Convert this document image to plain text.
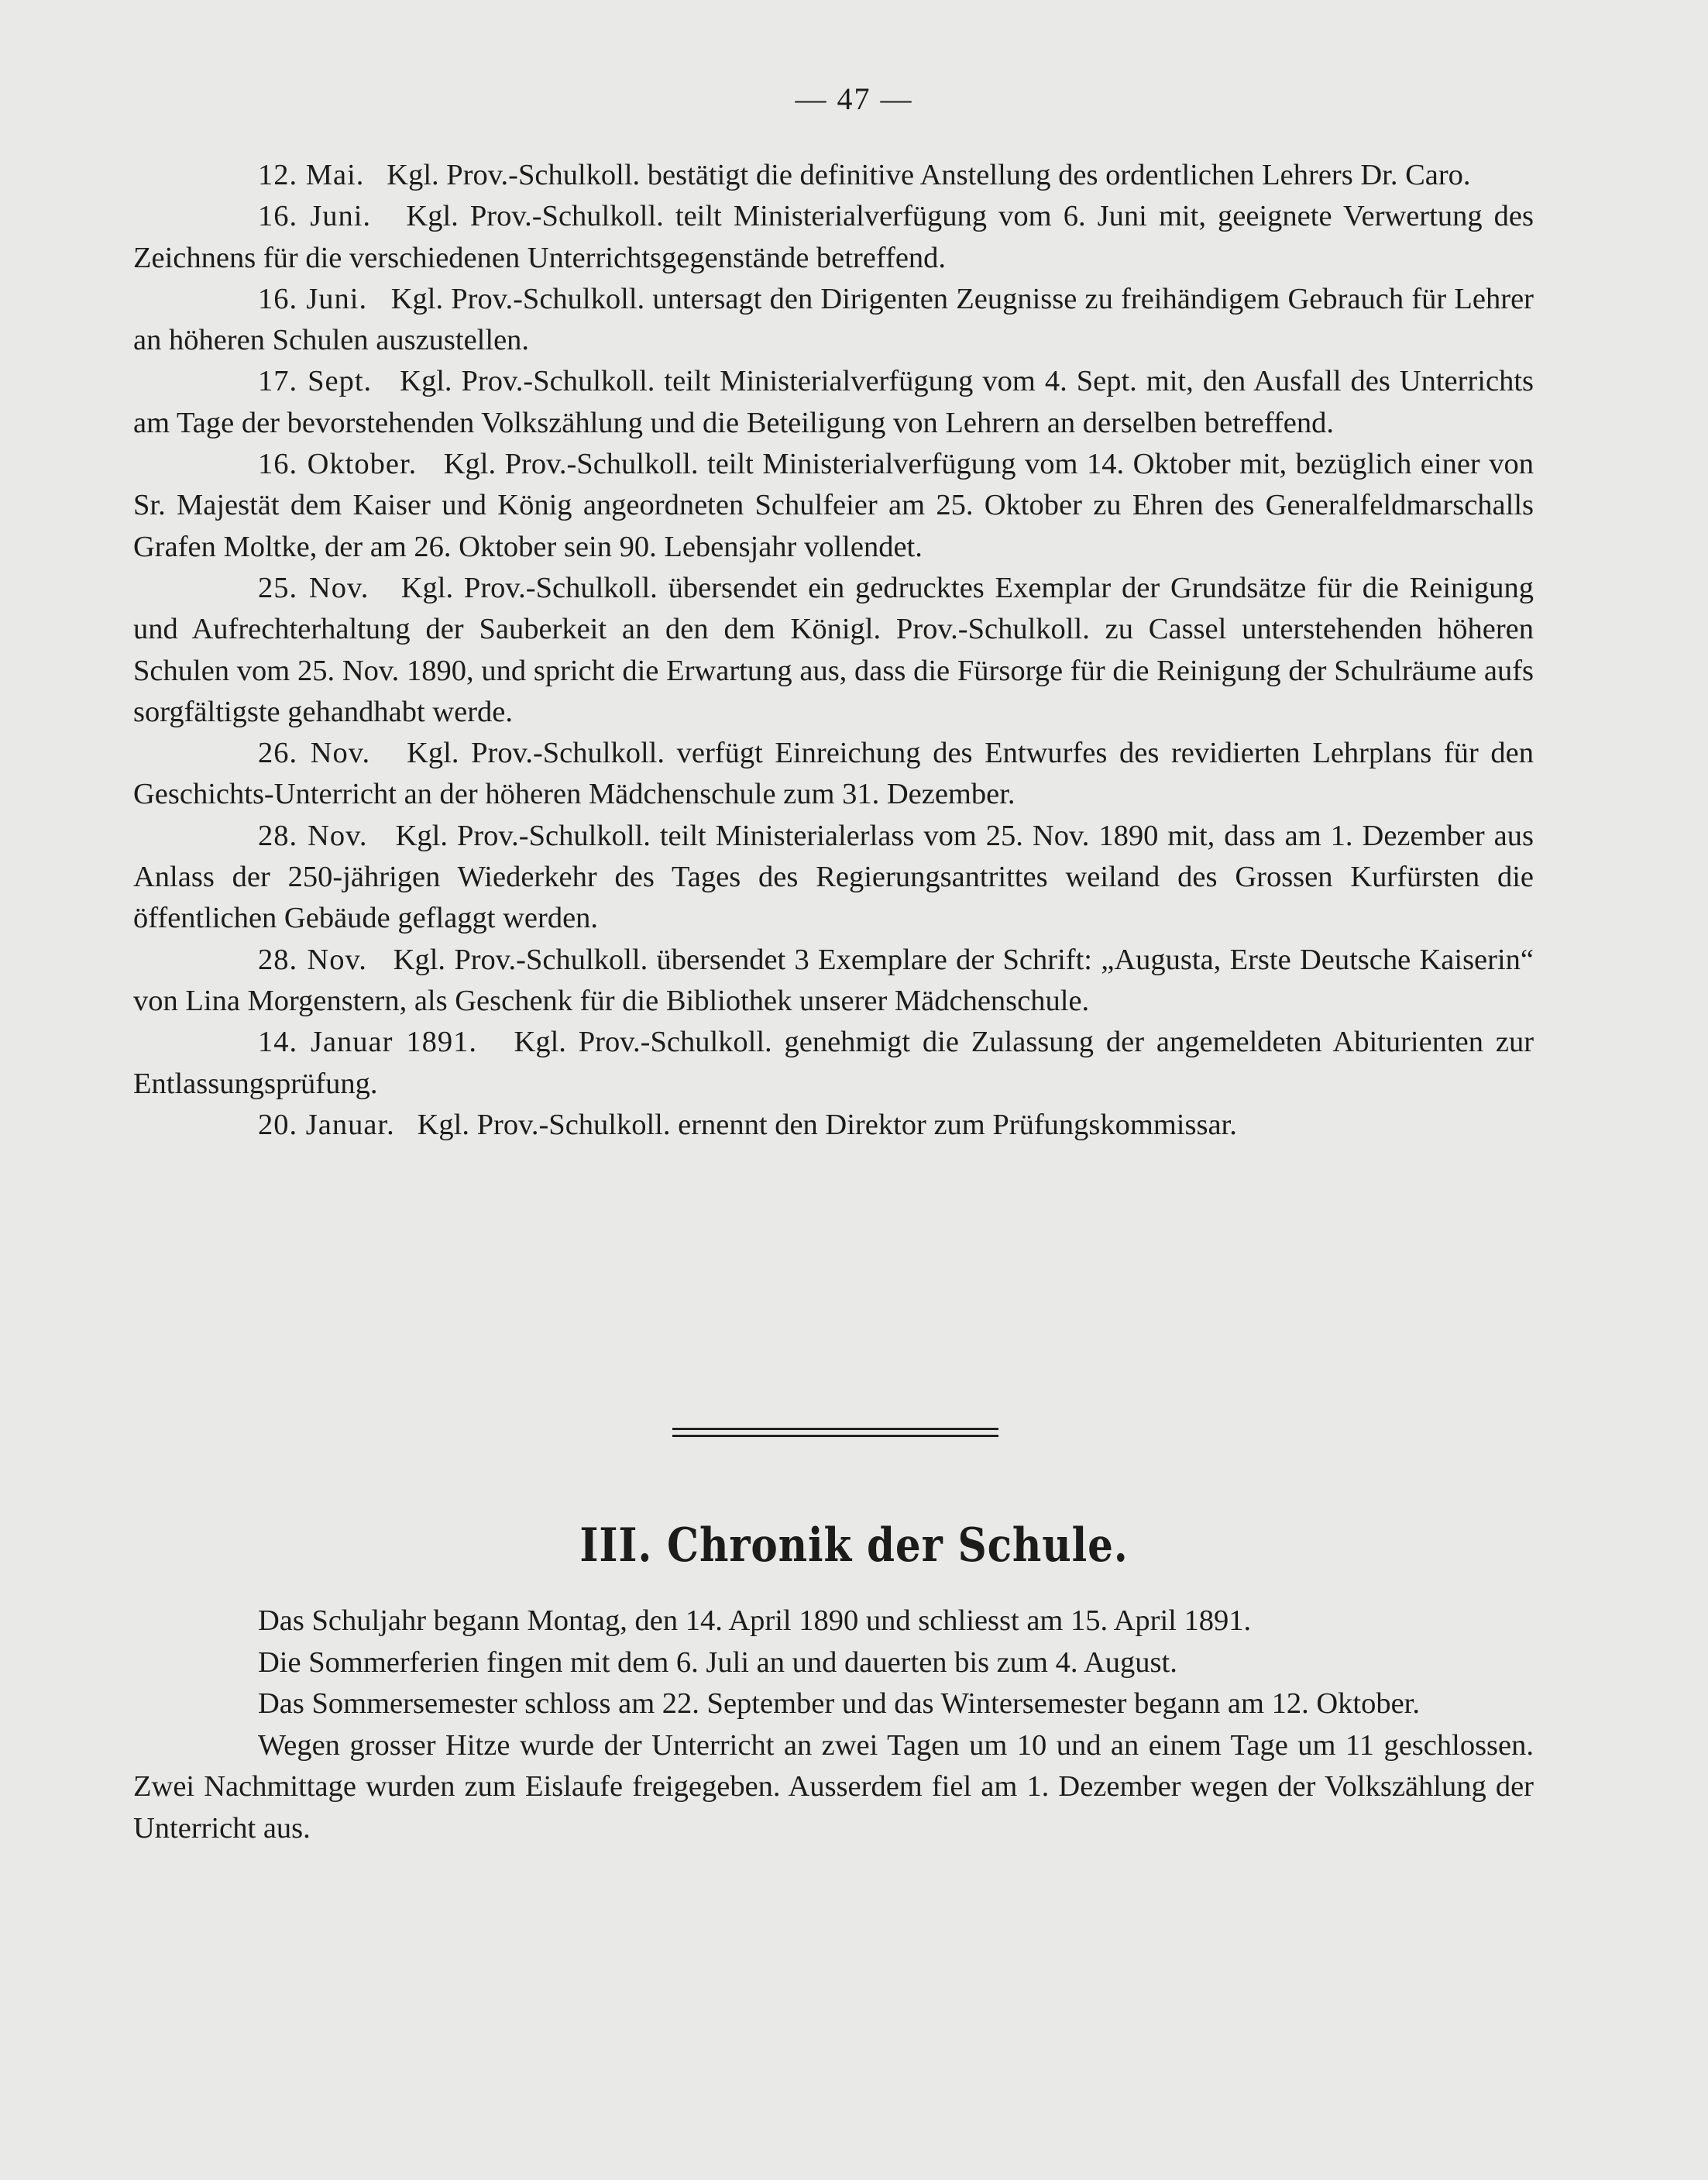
— 47 —

12. Mai. Kgl. Prov.-Schulkoll. bestätigt die definitive Anstellung des ordentlichen Lehrers Dr. Caro.

16. Juni. Kgl. Prov.-Schulkoll. teilt Ministerialverfügung vom 6. Juni mit, geeignete Verwertung des Zeichnens für die verschiedenen Unterrichtsgegenstände betreffend.

16. Juni. Kgl. Prov.-Schulkoll. untersagt den Dirigenten Zeugnisse zu freihändigem Gebrauch für Lehrer an höheren Schulen auszustellen.

17. Sept. Kgl. Prov.-Schulkoll. teilt Ministerialverfügung vom 4. Sept. mit, den Ausfall des Unterrichts am Tage der bevorstehenden Volkszählung und die Beteiligung von Lehrern an derselben betreffend.

16. Oktober. Kgl. Prov.-Schulkoll. teilt Ministerialverfügung vom 14. Oktober mit, bezüglich einer von Sr. Majestät dem Kaiser und König angeordneten Schulfeier am 25. Oktober zu Ehren des Generalfeldmarschalls Grafen Moltke, der am 26. Oktober sein 90. Lebensjahr vollendet.

25. Nov. Kgl. Prov.-Schulkoll. übersendet ein gedrucktes Exemplar der Grundsätze für die Reinigung und Aufrechterhaltung der Sauberkeit an den dem Königl. Prov.-Schulkoll. zu Cassel unterstehenden höheren Schulen vom 25. Nov. 1890, und spricht die Erwartung aus, dass die Fürsorge für die Reinigung der Schulräume aufs sorgfältigste gehandhabt werde.

26. Nov. Kgl. Prov.-Schulkoll. verfügt Einreichung des Entwurfes des revidierten Lehrplans für den Geschichts-Unterricht an der höheren Mädchenschule zum 31. Dezember.

28. Nov. Kgl. Prov.-Schulkoll. teilt Ministerialerlass vom 25. Nov. 1890 mit, dass am 1. Dezember aus Anlass der 250-jährigen Wiederkehr des Tages des Regierungsantrittes weiland des Grossen Kurfürsten die öffentlichen Gebäude geflaggt werden.

28. Nov. Kgl. Prov.-Schulkoll. übersendet 3 Exemplare der Schrift: „Augusta, Erste Deutsche Kaiserin“ von Lina Morgenstern, als Geschenk für die Bibliothek unserer Mädchenschule.

14. Januar 1891. Kgl. Prov.-Schulkoll. genehmigt die Zulassung der angemeldeten Abiturienten zur Entlassungsprüfung.

20. Januar. Kgl. Prov.-Schulkoll. ernennt den Direktor zum Prüfungskommissar.

III. Chronik der Schule.

Das Schuljahr begann Montag, den 14. April 1890 und schliesst am 15. April 1891.

Die Sommerferien fingen mit dem 6. Juli an und dauerten bis zum 4. August.

Das Sommersemester schloss am 22. September und das Wintersemester begann am 12. Oktober.

Wegen grosser Hitze wurde der Unterricht an zwei Tagen um 10 und an einem Tage um 11 geschlossen. Zwei Nachmittage wurden zum Eislaufe freigegeben. Ausserdem fiel am 1. Dezember wegen der Volkszählung der Unterricht aus.
